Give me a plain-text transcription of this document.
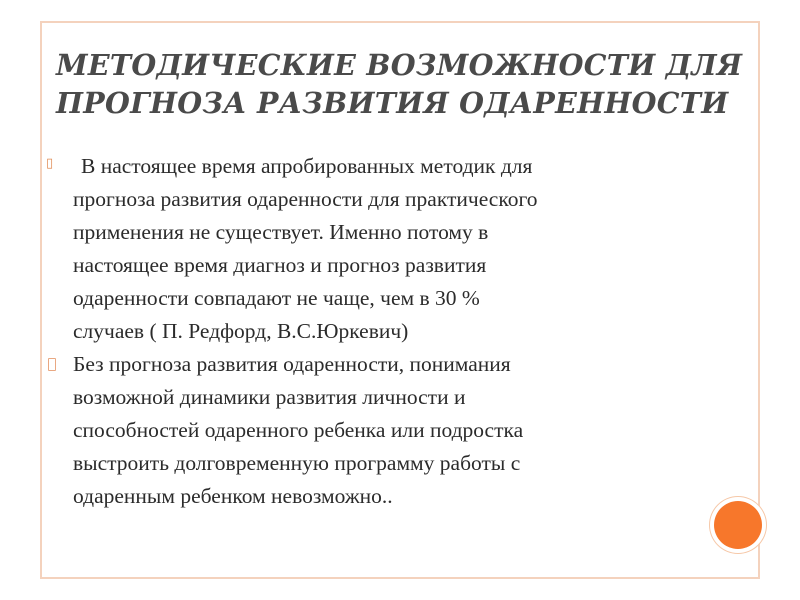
МЕТОДИЧЕСКИЕ ВОЗМОЖНОСТИ ДЛЯ
ПРОГНОЗА РАЗВИТИЯ ОДАРЕННОСТИ
▯	В настоящее время апробированных методик для
прогноза развития одаренности для практического
применения не существует. Именно потому в
настоящее время диагноз и прогноз развития
одаренности совпадают не чаще, чем в 30 %
случаев ( П. Редфорд, В.С.Юркевич)
Без прогноза развития одаренности, понимания
возможной динамики развития личности и
способностей одаренного ребенка или подростка
выстроить долговременную программу работы с
одаренным ребенком невозможно..
